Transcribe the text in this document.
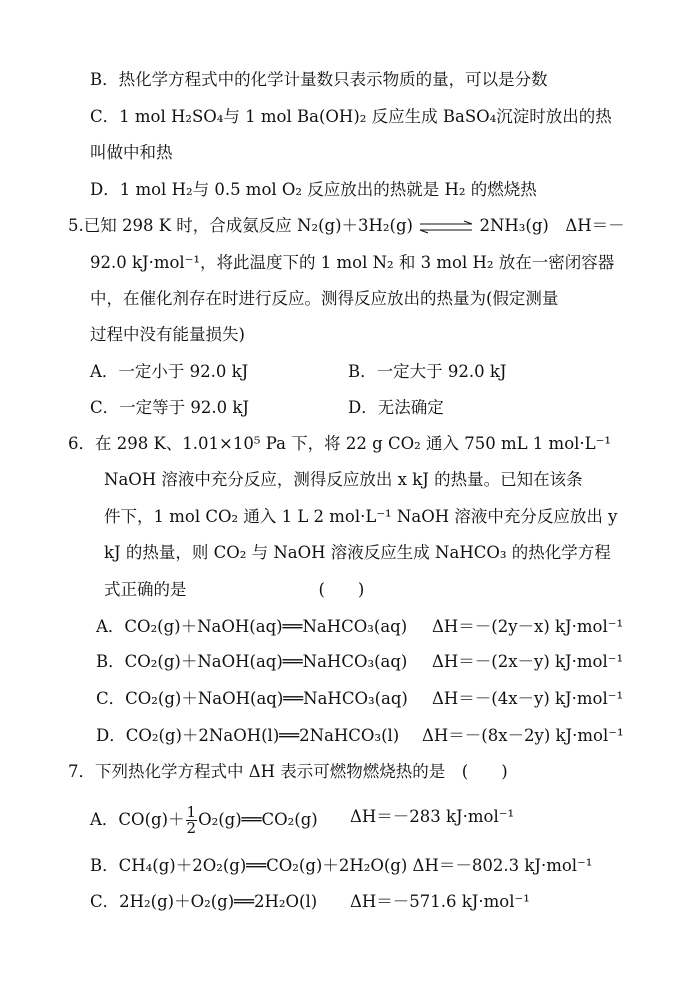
B．热化学方程式中的化学计量数只表示物质的量，可以是分数
C．1 mol H₂SO₄与 1 mol Ba(OH)₂ 反应生成 BaSO₄沉淀时放出的热
叫做中和热
D．1 mol H₂与 0.5 mol O₂ 反应放出的热就是 H₂ 的燃烧热
5.已知 298 K 时，合成氨反应 N₂(g)＋3H₂(g) ⇌ 2NH₃(g)　ΔH＝－
92.0 kJ·mol⁻¹，将此温度下的 1 mol N₂ 和 3 mol H₂ 放在一密闭容器
中，在催化剂存在时进行反应。测得反应放出的热量为(假定测量
过程中没有能量损失)
A．一定小于 92.0 kJ	B．一定大于 92.0 kJ
C．一定等于 92.0 kJ	D．无法确定
6．在 298 K、1.01×10⁵ Pa 下，将 22 g CO₂ 通入 750 mL 1 mol·L⁻¹
NaOH 溶液中充分反应，测得反应放出 x kJ 的热量。已知在该条
件下，1 mol CO₂ 通入 1 L 2 mol·L⁻¹ NaOH 溶液中充分反应放出 y
kJ 的热量，则 CO₂ 与 NaOH 溶液反应生成 NaHCO₃ 的热化学方程
式正确的是　　　　　　　　(　　)
A．CO₂(g)＋NaOH(aq)══NaHCO₃(aq) ΔH＝－(2y－x) kJ·mol⁻¹
B．CO₂(g)＋NaOH(aq)══NaHCO₃(aq) ΔH＝－(2x－y) kJ·mol⁻¹
C．CO₂(g)＋NaOH(aq)══NaHCO₃(aq) ΔH＝－(4x－y) kJ·mol⁻¹
D．CO₂(g)＋2NaOH(l)══2NaHCO₃(l) ΔH＝－(8x－2y) kJ·mol⁻¹
7．下列热化学方程式中 ΔH 表示可燃物燃烧热的是　(　　)
A．$CO(g)+ \frac{1}{2}$ O₂(g)══CO₂(g) ΔH＝－283 kJ·mol⁻¹
B．CH₄(g)＋2O₂(g)══CO₂(g)＋2H₂O(g) ΔH＝－802.3 kJ·mol⁻¹
C．2H₂(g)＋O₂(g)══2H₂O(l) ΔH＝－571.6 kJ·mol⁻¹
